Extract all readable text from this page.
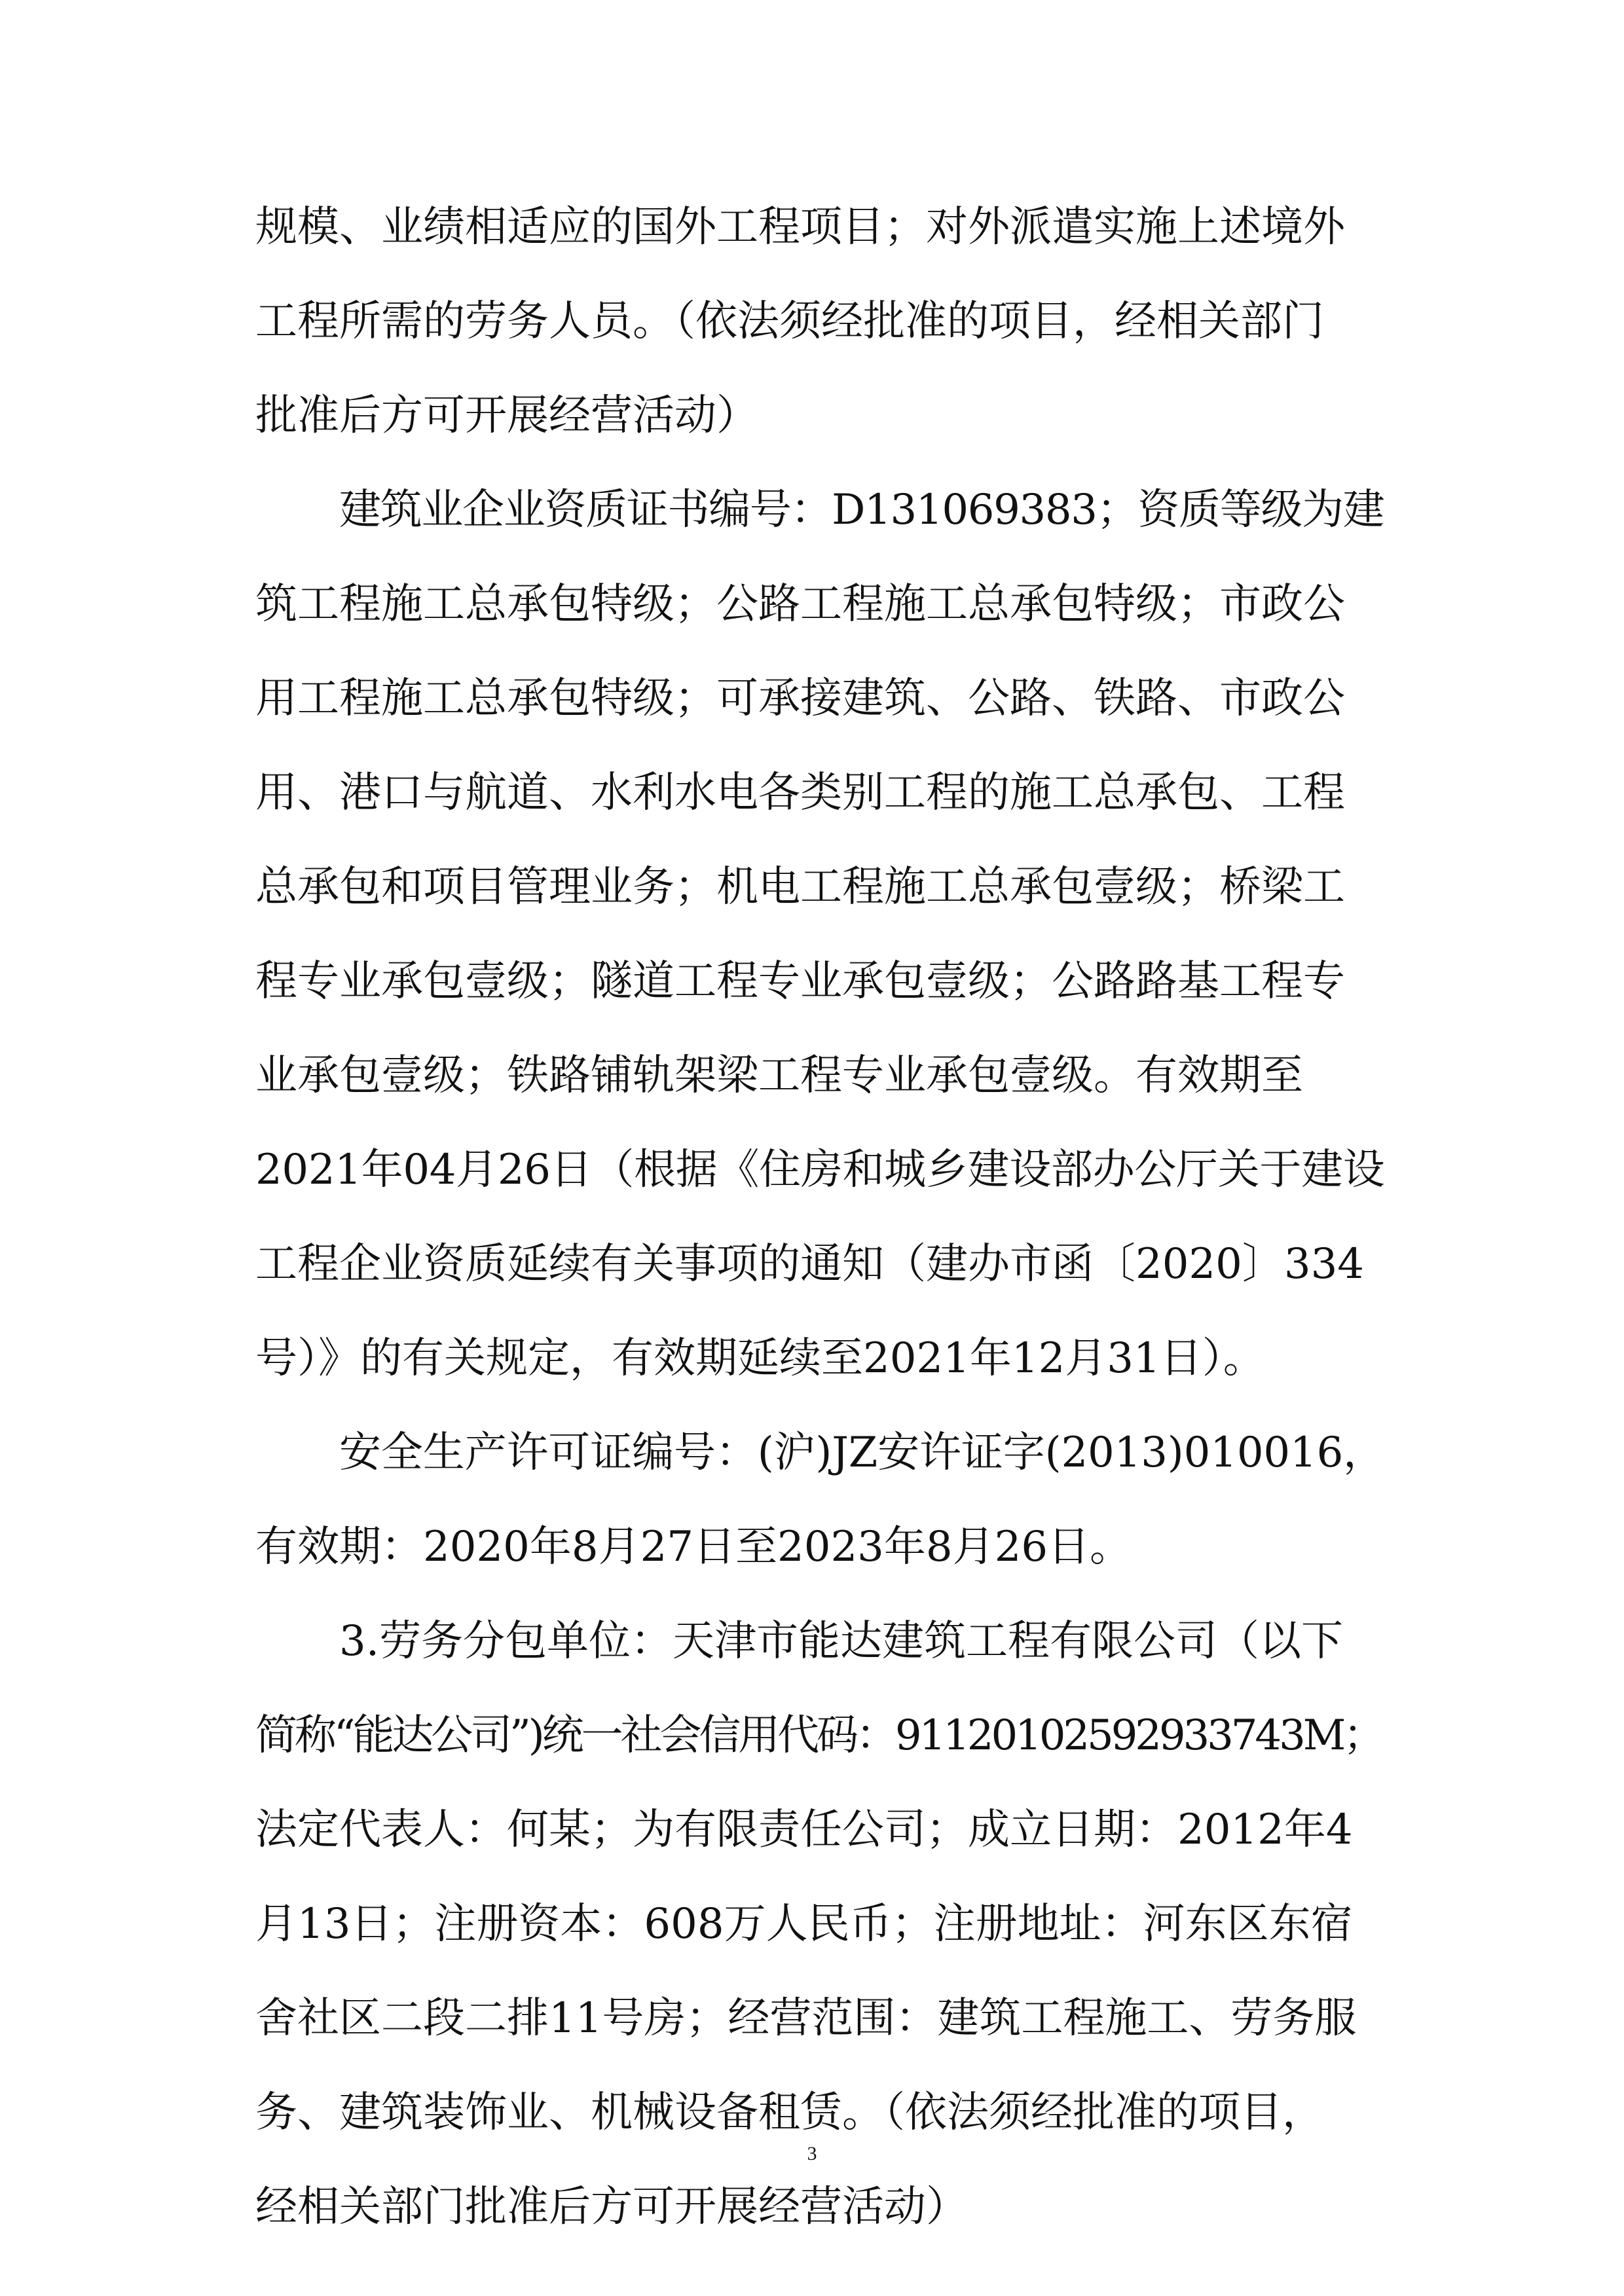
规模、业绩相适应的国外工程项目；对外派遣实施上述境外
工程所需的劳务人员。（依法须经批准的项目，经相关部门
批准后方可开展经营活动）
建筑业企业资质证书编号：D131069383；资质等级为建
筑工程施工总承包特级；公路工程施工总承包特级；市政公
用工程施工总承包特级；可承接建筑、公路、铁路、市政公
用、港口与航道、水利水电各类别工程的施工总承包、工程
总承包和项目管理业务；机电工程施工总承包壹级；桥梁工
程专业承包壹级；隧道工程专业承包壹级；公路路基工程专
业承包壹级；铁路铺轨架梁工程专业承包壹级。有效期至
2021年04月26日（根据《住房和城乡建设部办公厅关于建设
工程企业资质延续有关事项的通知（建办市函〔2020〕334
号）》的有关规定，有效期延续至2021年12月31日）。
安全生产许可证编号：(沪)JZ安许证字(2013)010016，
有效期：2020年8月27日至2023年8月26日。
3.劳务分包单位：天津市能达建筑工程有限公司（以下
简称“能达公司”)统一社会信用代码：91120102592933743M；
法定代表人：何某；为有限责任公司；成立日期：2012年4
月13日；注册资本：608万人民币；注册地址：河东区东宿
舍社区二段二排11号房；经营范围：建筑工程施工、劳务服
务、建筑装饰业、机械设备租赁。（依法须经批准的项目，
经相关部门批准后方可开展经营活动）
3
